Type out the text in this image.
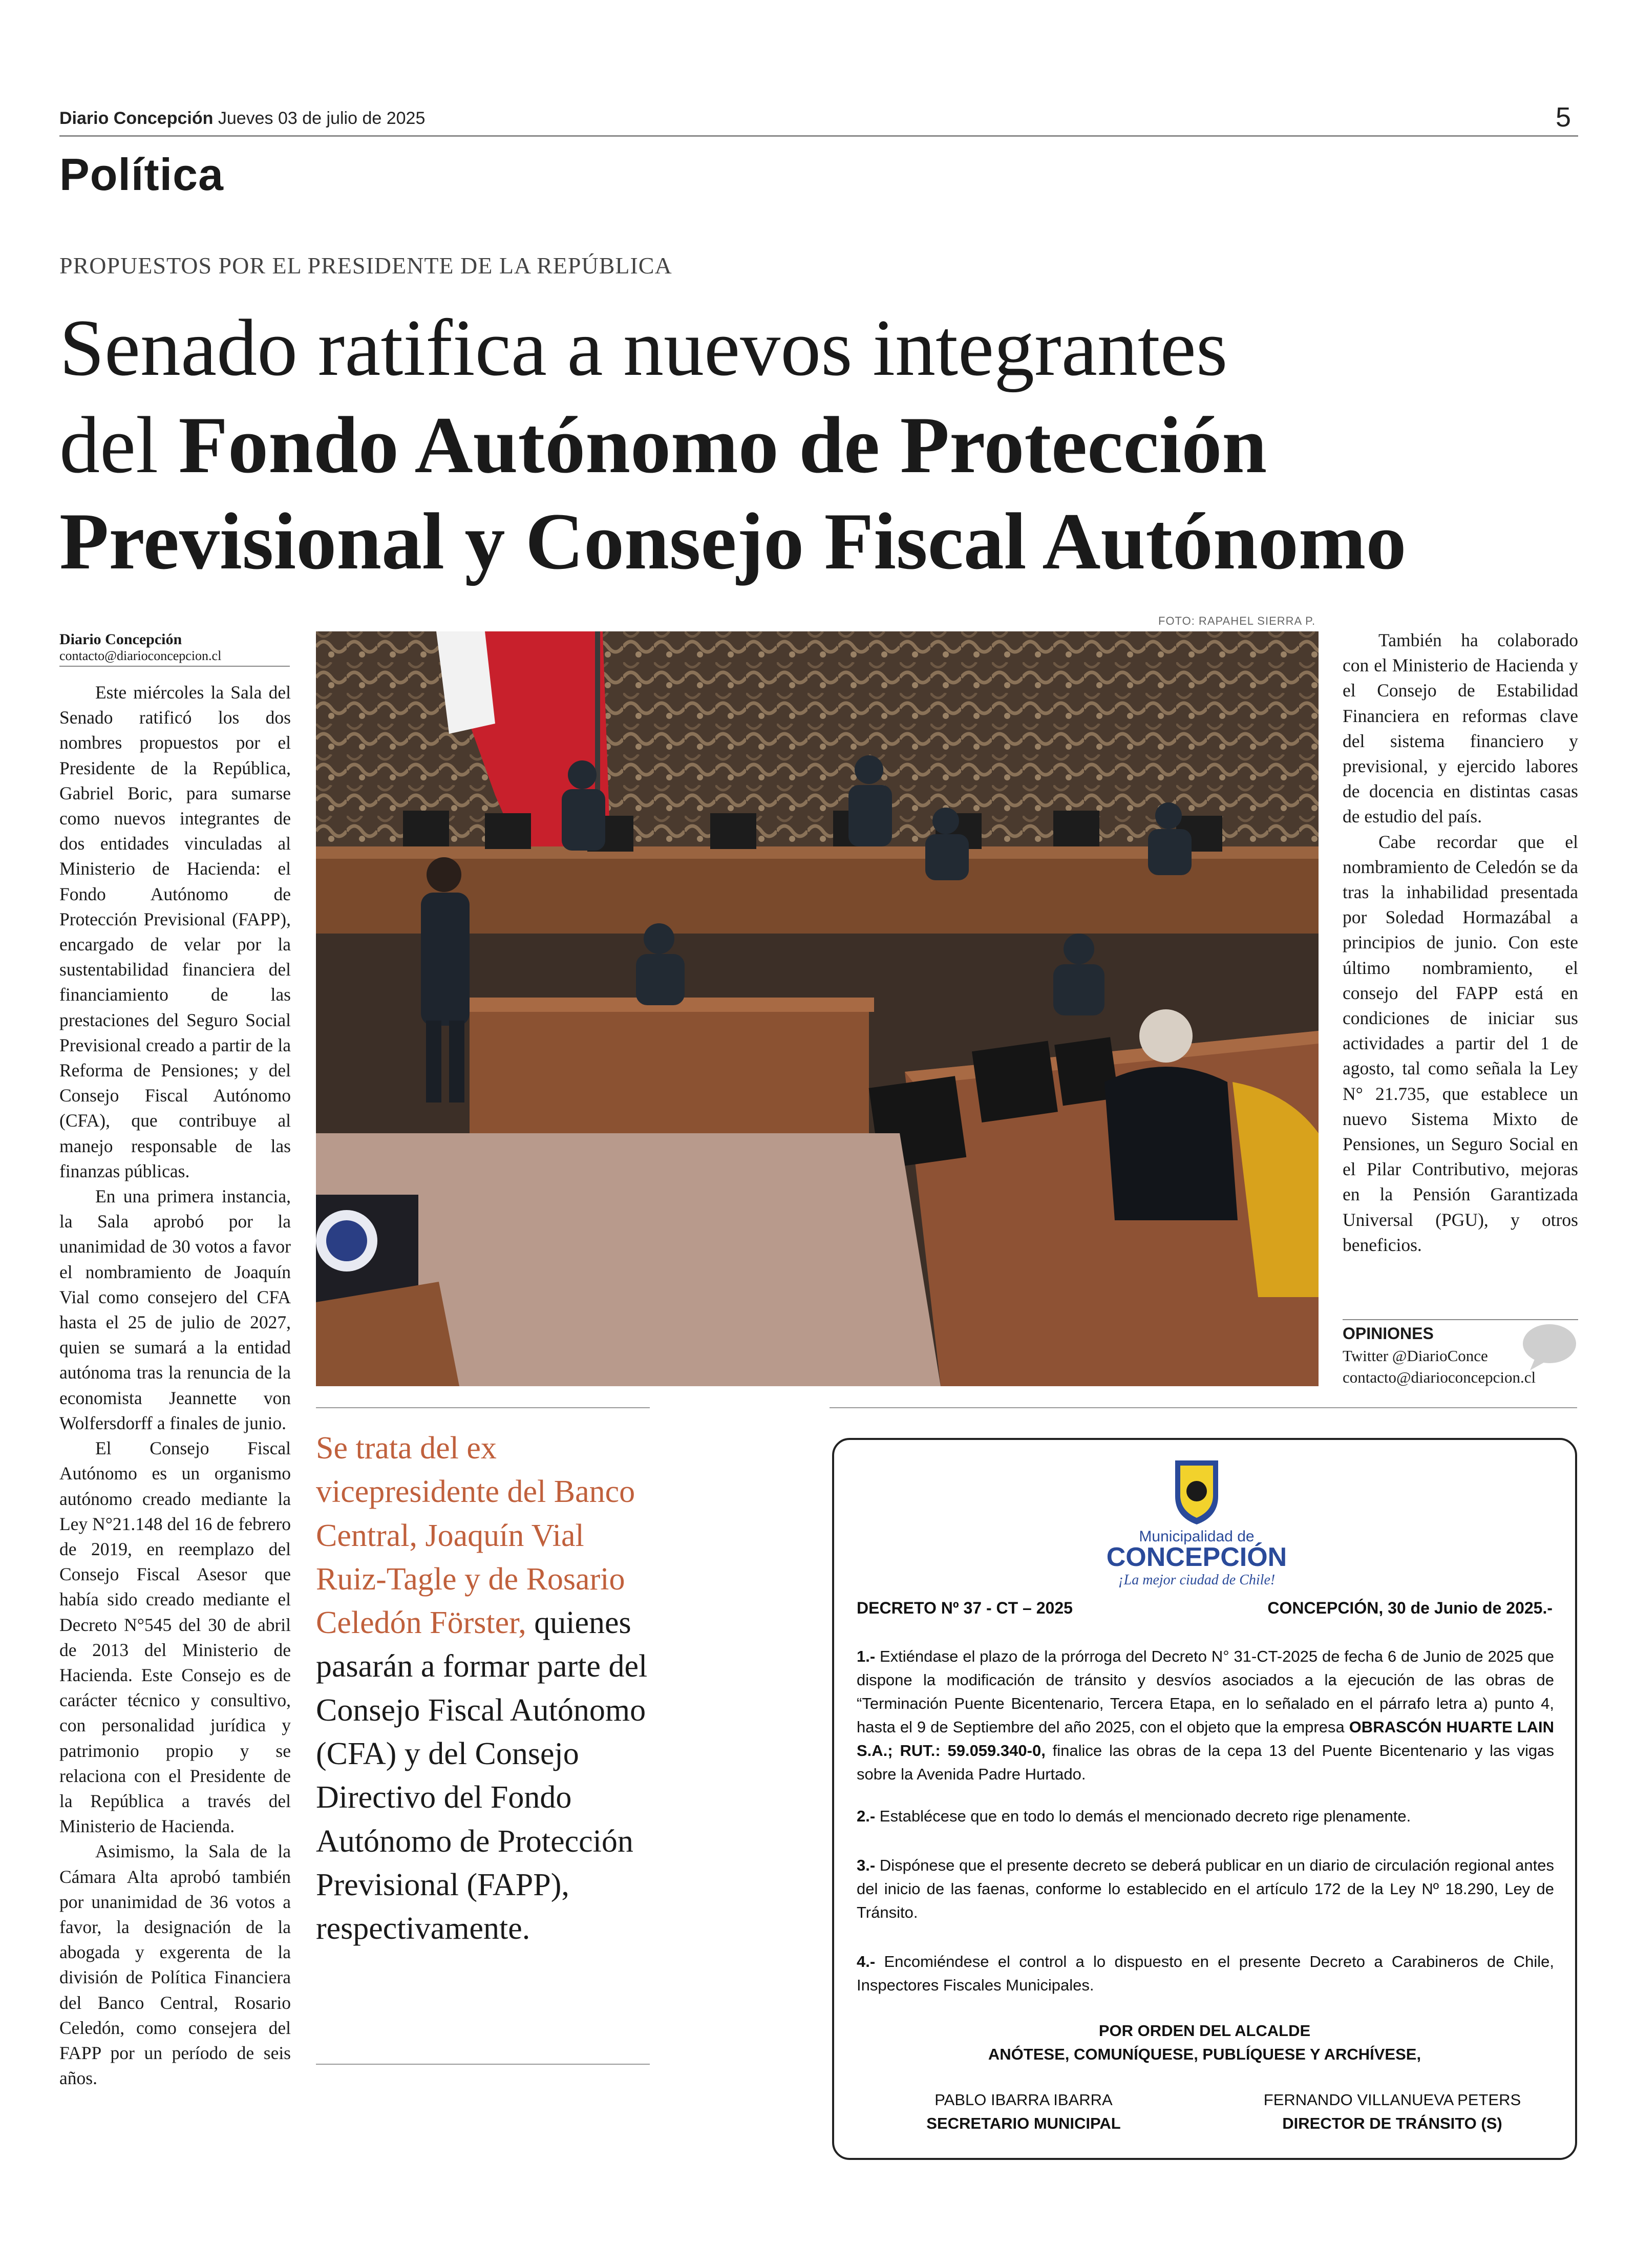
Diario Concepción Jueves 03 de julio de 2025	5
Política
PROPUESTOS POR EL PRESIDENTE DE LA REPÚBLICA
Senado ratifica a nuevos integrantes
del Fondo Autónomo de Protección
Previsional y Consejo Fiscal Autónomo
Diario Concepción
contacto@diarioconcepcion.cl

Este miércoles la Sala del Senado ratificó los dos nombres propuestos por el Presidente de la República, Gabriel Boric, para sumarse como nuevos integrantes de dos entidades vinculadas al Ministerio de Hacienda: el Fondo Autónomo de Protección Previsional (FAPP), encargado de velar por la sustentabilidad financiera del financiamiento de las prestaciones del Seguro Social Previsional creado a partir de la Reforma de Pensiones; y del Consejo Fiscal Autónomo (CFA), que contribuye al manejo responsable de las finanzas públicas.

En una primera instancia, la Sala aprobó por la unanimidad de 30 votos a favor el nombramiento de Joaquín Vial como consejero del CFA hasta el 25 de julio de 2027, quien se sumará a la entidad autónoma tras la renuncia de la economista Jeannette von Wolfersdorff a finales de junio.

El Consejo Fiscal Autónomo es un organismo autónomo creado mediante la Ley N°21.148 del 16 de febrero de 2019, en reemplazo del Consejo Fiscal Asesor que había sido creado mediante el Decreto N°545 del 30 de abril de 2013 del Ministerio de Hacienda. Este Consejo es de carácter técnico y consultivo, con personalidad jurídica y patrimonio propio y se relaciona con el Presidente de la República a través del Ministerio de Hacienda.

Asimismo, la Sala de la Cámara Alta aprobó también por unanimidad de 36 votos a favor, la designación de la abogada y exgerenta de la división de Política Financiera del Banco Central, Rosario Celedón, como consejera del FAPP por un período de seis años.

FOTO: RAPAHEL SIERRA P.

También ha colaborado con el Ministerio de Hacienda y el Consejo de Estabilidad Financiera en reformas clave del sistema financiero y previsional, y ejercido labores de docencia en distintas casas de estudio del país.

Cabe recordar que el nombramiento de Celedón se da tras la inhabilidad presentada por Soledad Hormazábal a principios de junio. Con este último nombramiento, el consejo del FAPP está en condiciones de iniciar sus actividades a partir del 1 de agosto, tal como señala la Ley N° 21.735, que establece un nuevo Sistema Mixto de Pensiones, un Seguro Social en el Pilar Contributivo, mejoras en la Pensión Garantizada Universal (PGU), y otros beneficios.

OPINIONES
Twitter @DiarioConce
contacto@diarioconcepcion.cl
Se trata del ex vicepresidente del Banco Central, Joaquín Vial Ruiz-Tagle y de Rosario Celedón Förster, quienes pasarán a formar parte del Consejo Fiscal Autónomo (CFA) y del Consejo Directivo del Fondo Autónomo de Protección Previsional (FAPP), respectivamente.
Municipalidad de
CONCEPCIÓN
¡La mejor ciudad de Chile!
DECRETO Nº 37 - CT – 2025	CONCEPCIÓN, 30 de Junio de 2025.-
1.- Extiéndase el plazo de la prórroga del Decreto N° 31-CT-2025 de fecha 6 de Junio de 2025 que dispone la modificación de tránsito y desvíos asociados a la ejecución de las obras de “Terminación Puente Bicentenario, Tercera Etapa, en lo señalado en el párrafo letra a) punto 4, hasta el 9 de Septiembre del año 2025, con el objeto que la empresa OBRASCÓN HUARTE LAIN S.A.; RUT.: 59.059.340-0, finalice las obras de la cepa 13 del Puente Bicentenario y las vigas sobre la Avenida Padre Hurtado.
2.- Establécese que en todo lo demás el mencionado decreto rige plenamente.
3.- Dispónese que el presente decreto se deberá publicar en un diario de circulación regional antes del inicio de las faenas, conforme lo establecido en el artículo 172 de la Ley Nº 18.290, Ley de Tránsito.
4.- Encomiéndese el control a lo dispuesto en el presente Decreto a Carabineros de Chile, Inspectores Fiscales Municipales.
POR ORDEN DEL ALCALDE
ANÓTESE, COMUNÍQUESE, PUBLÍQUESE Y ARCHÍVESE,
PABLO IBARRA IBARRA
SECRETARIO MUNICIPAL
FERNANDO VILLANUEVA PETERS
DIRECTOR DE TRÁNSITO (S)
